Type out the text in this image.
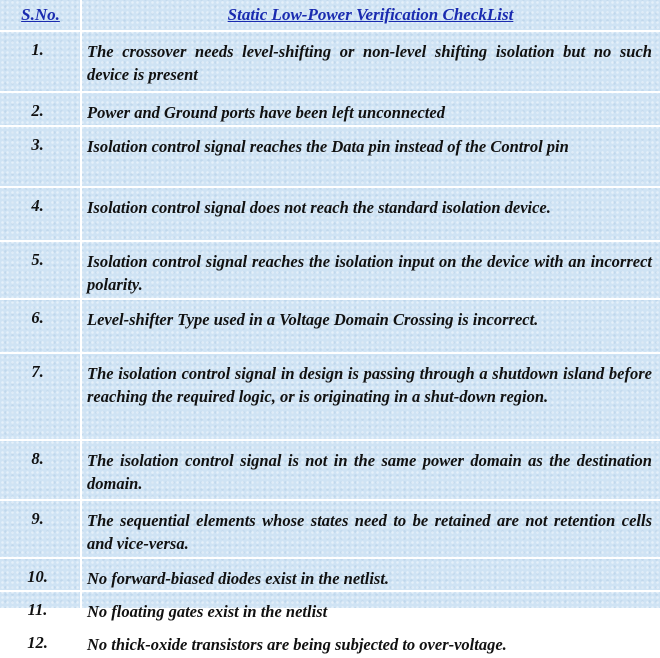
S.No.	Static Low-Power Verification CheckList
1.	The crossover needs level-shifting or non-level shifting isolation but no such device is present
2.	Power and Ground ports have been left unconnected
3.	Isolation control signal reaches the Data pin instead of the Control pin
4.	Isolation control signal does not reach the standard isolation device.
5.	Isolation control signal reaches the isolation input on the device with an incorrect polarity.
6.	Level-shifter Type used in a Voltage Domain Crossing is incorrect.
7.	The isolation control signal in design is passing through a shutdown island before reaching the required logic, or is originating in a shut-down region.
8.	The isolation control signal is not in the same power domain as the destination domain.
9.	The sequential elements whose states need to be retained are not retention cells and vice-versa.
10.	No forward-biased diodes exist in the netlist.
11.	No floating gates exist in the netlist
12.	No thick-oxide transistors are being subjected to over-voltage.
